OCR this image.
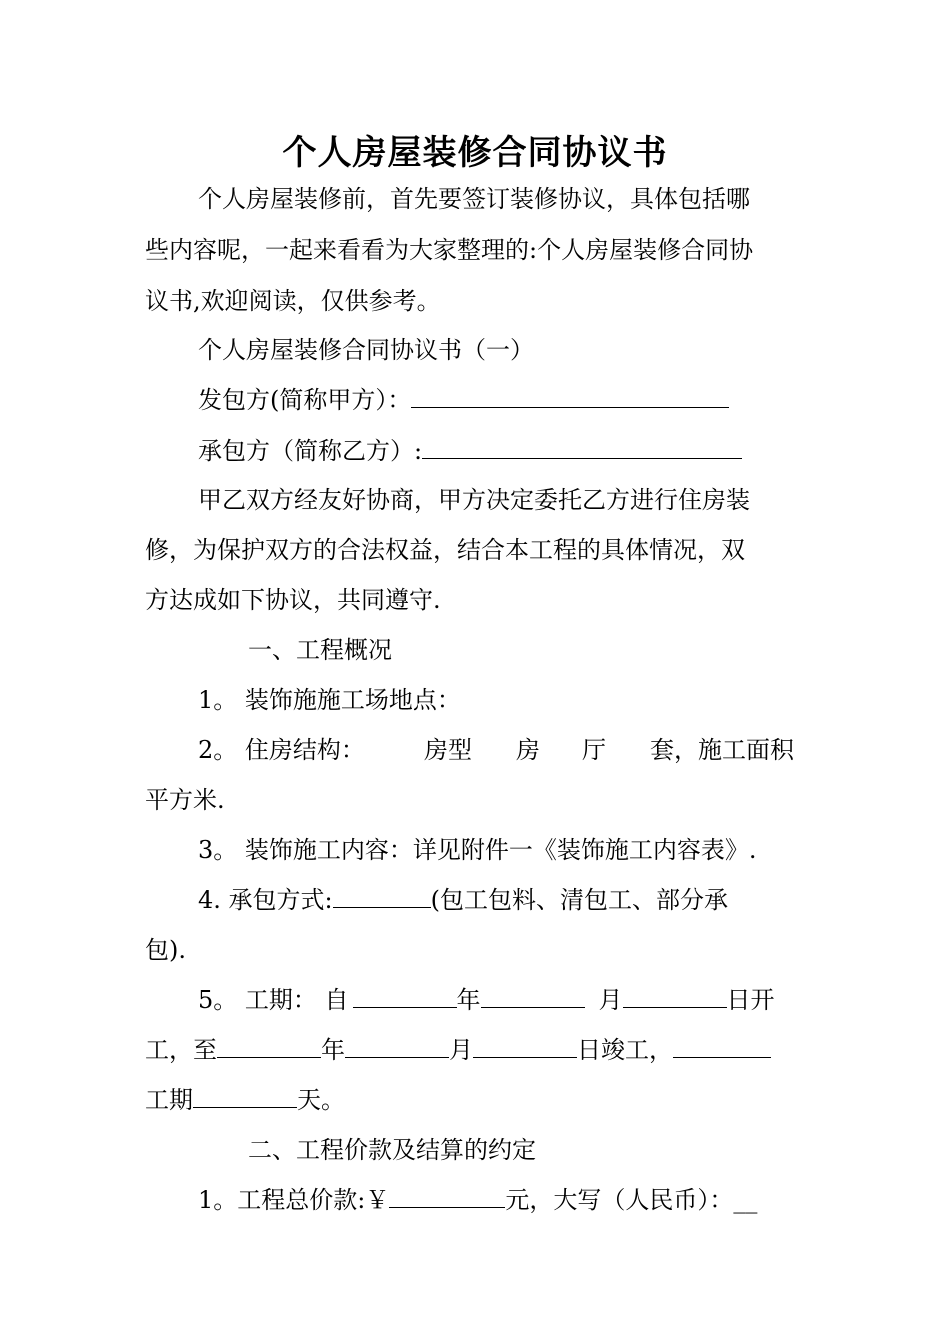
个人房屋装修合同协议书
个人房屋装修前，首先要签订装修协议，具体包括哪
些内容呢，一起来看看为大家整理的:个人房屋装修合同协
议书,欢迎阅读，仅供参考。
个人房屋装修合同协议书（一）
发包方(简称甲方）：
承包方（简称乙方）:
甲乙双方经友好协商，甲方决定委托乙方进行住房装
修，为保护双方的合法权益，结合本工程的具体情况，双
方达成如下协议，共同遵守.
一、工程概况
1。 装饰施施工场地点：
2。 住房结构： 房型 房 厅 套，施工面积
平方米.
3。 装饰施工内容：详见附件一《装饰施工内容表》.
4. 承包方式:	(包工包料、清包工、部分承
包).
5。 工期： 自	年	月	日开
工，至	年	月	日竣工，
工期	天。
二、工程价款及结算的约定
1。工程总价款:￥	元，大写（人民币）：__
